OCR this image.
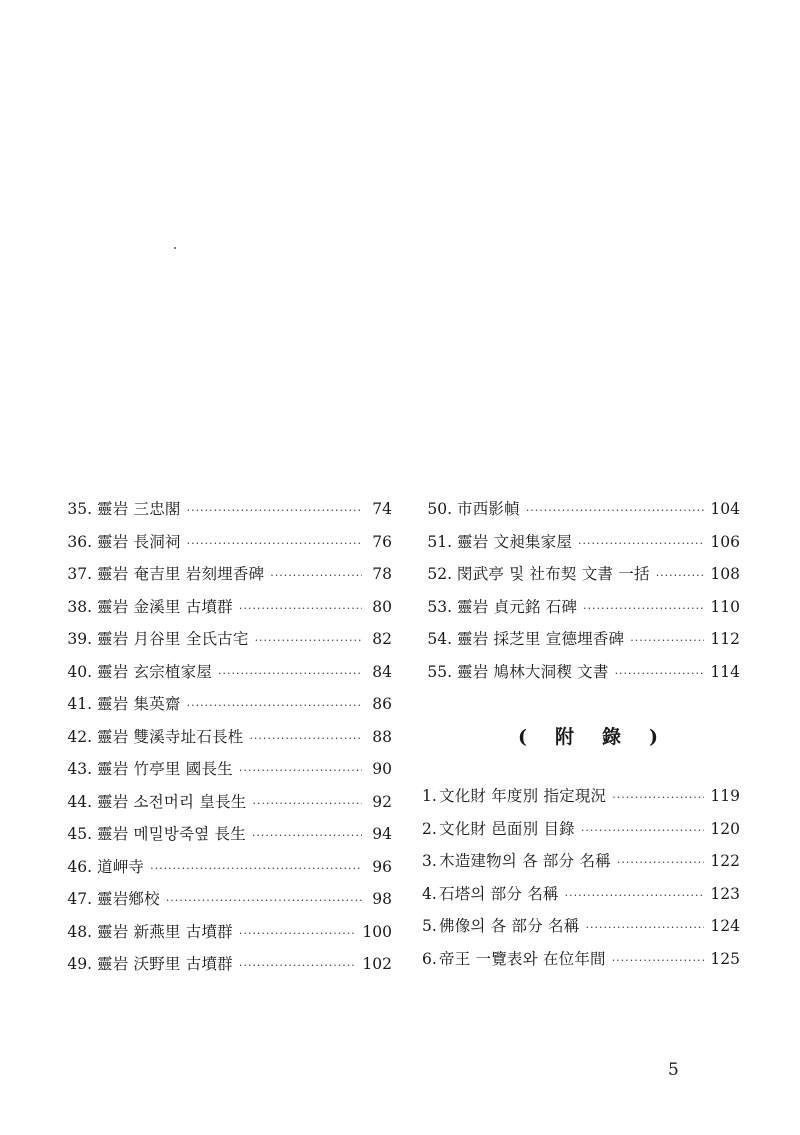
35. 靈岩 三忠閣 ·····	74
36. 靈岩 長洞祠 ·····	76
37. 靈岩 奄吉里 岩刻埋香碑 ·····	78
38. 靈岩 金溪里 古墳群 ·····	80
39. 靈岩 月谷里 全氏古宅 ·····	82
40. 靈岩 玄宗植家屋 ·····	84
41. 靈岩 集英齋 ·····	86
42. 靈岩 雙溪寺址石長栍 ·····	88
43. 靈岩 竹亭里 國長生 ·····	90
44. 靈岩 소전머리 皇長生 ·····	92
45. 靈岩 메밀방죽옆 長生 ·····	94
46. 道岬寺 ·····	96
47. 靈岩鄕校 ·····	98
48. 靈岩 新燕里 古墳群 ·····	100
49. 靈岩 沃野里 古墳群 ·····	102
50. 市西影幀 ·····	104
51. 靈岩 文昶集家屋 ·····	106
52. 閔武亭 및 社布契 文書 一括 ·····	108
53. 靈岩 貞元銘 石碑 ·····	110
54. 靈岩 採芝里 宣德埋香碑 ·····	112
55. 靈岩 鳩林大洞稧 文書 ·····	114
( 附 錄 )
1. 文化財 年度別 指定現況 ·····	119
2. 文化財 邑面別 目錄 ·····	120
3. 木造建物의 各 部分 名稱 ·····	122
4. 石塔의 部分 名稱 ·····	123
5. 佛像의 各 部分 名稱 ·····	124
6. 帝王 一覽表와 在位年間 ·····	125
5
